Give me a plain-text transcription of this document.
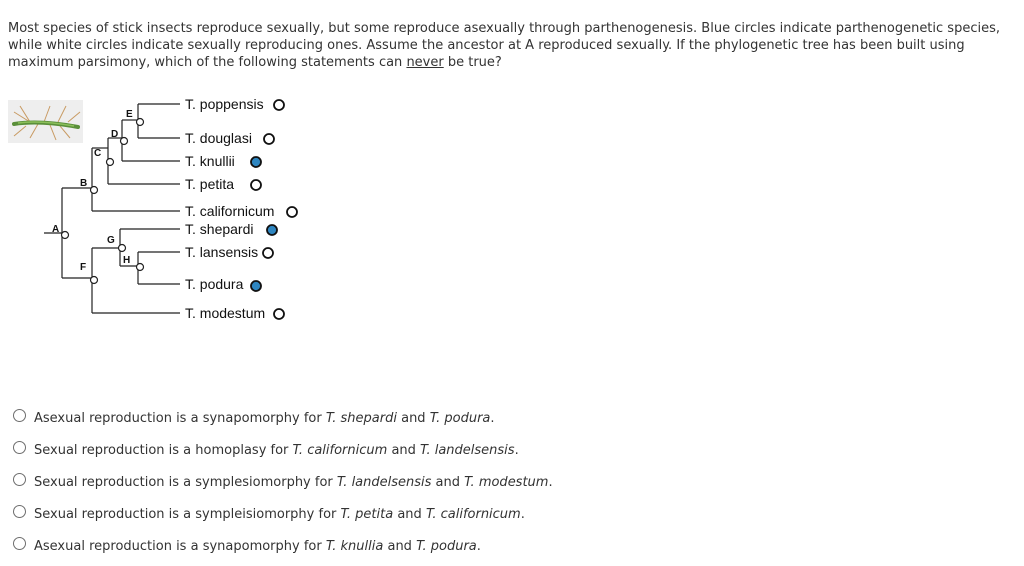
Most species of stick insects reproduce sexually, but some reproduce asexually through parthenogenesis. Blue circles indicate parthenogenetic species, while white circles indicate sexually reproducing ones. Assume the ancestor at A reproduced sexually. If the phylogenetic tree has been built using maximum parsimony, which of the following statements can never be true?
A
B
C
D
E
F
G
H
T. poppensis
T. douglasi
T. knullii
T. petita
T. californicum
T. shepardi
T. lansensis
T. podura
T. modestum
Asexual reproduction is a synapomorphy for T. shepardi and T. podura.
Sexual reproduction is a homoplasy for T. californicum and T. landelsensis.
Sexual reproduction is a symplesiomorphy for T. landelsensis and T. modestum.
Sexual reproduction is a sympleisiomorphy for T. petita and T. californicum.
Asexual reproduction is a synapomorphy for T. knullia and T. podura.
